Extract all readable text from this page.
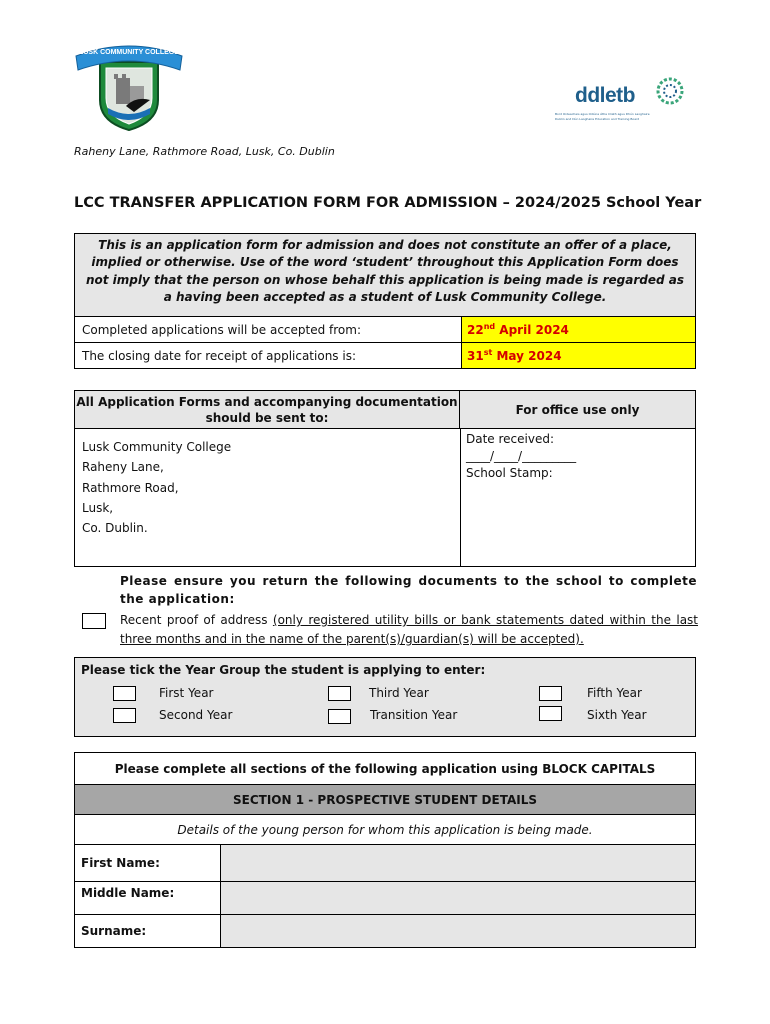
LUSK COMMUNITY COLLEGE
ddletb
Bord Oideachais agus Oiliúna Átha Cliath agus Dhún Laoghaire
Dublin and Dún Laoghaire Education and Training Board
Raheny Lane, Rathmore Road, Lusk, Co. Dublin
LCC TRANSFER APPLICATION FORM FOR ADMISSION – 2024/2025 School Year
This is an application form for admission and does not constitute an offer of a place, implied or otherwise. Use of the word ‘student’ throughout this Application Form does not imply that the person on whose behalf this application is being made is regarded as a having been accepted as a student of Lusk Community College.
Completed applications will be accepted from:	22nd April 2024
The closing date for receipt of applications is:	31st May 2024
All Application Forms and accompanying documentation should be sent to:
For office use only
Lusk Community College
Raheny Lane,
Rathmore Road,
Lusk,
Co. Dublin.
Date received:
____/____/_________
School Stamp:
Please ensure you return the following documents to the school to complete the application:
Recent proof of address (only registered utility bills or bank statements dated within the last three months and in the name of the parent(s)/guardian(s) will be accepted).
Please tick the Year Group the student is applying to enter:
First Year
Second Year
Third Year
Transition Year
Fifth Year
Sixth Year
Please complete all sections of the following application using BLOCK CAPITALS
SECTION 1 - PROSPECTIVE STUDENT DETAILS
Details of the young person for whom this application is being made.
First Name:
Middle Name:
Surname:
